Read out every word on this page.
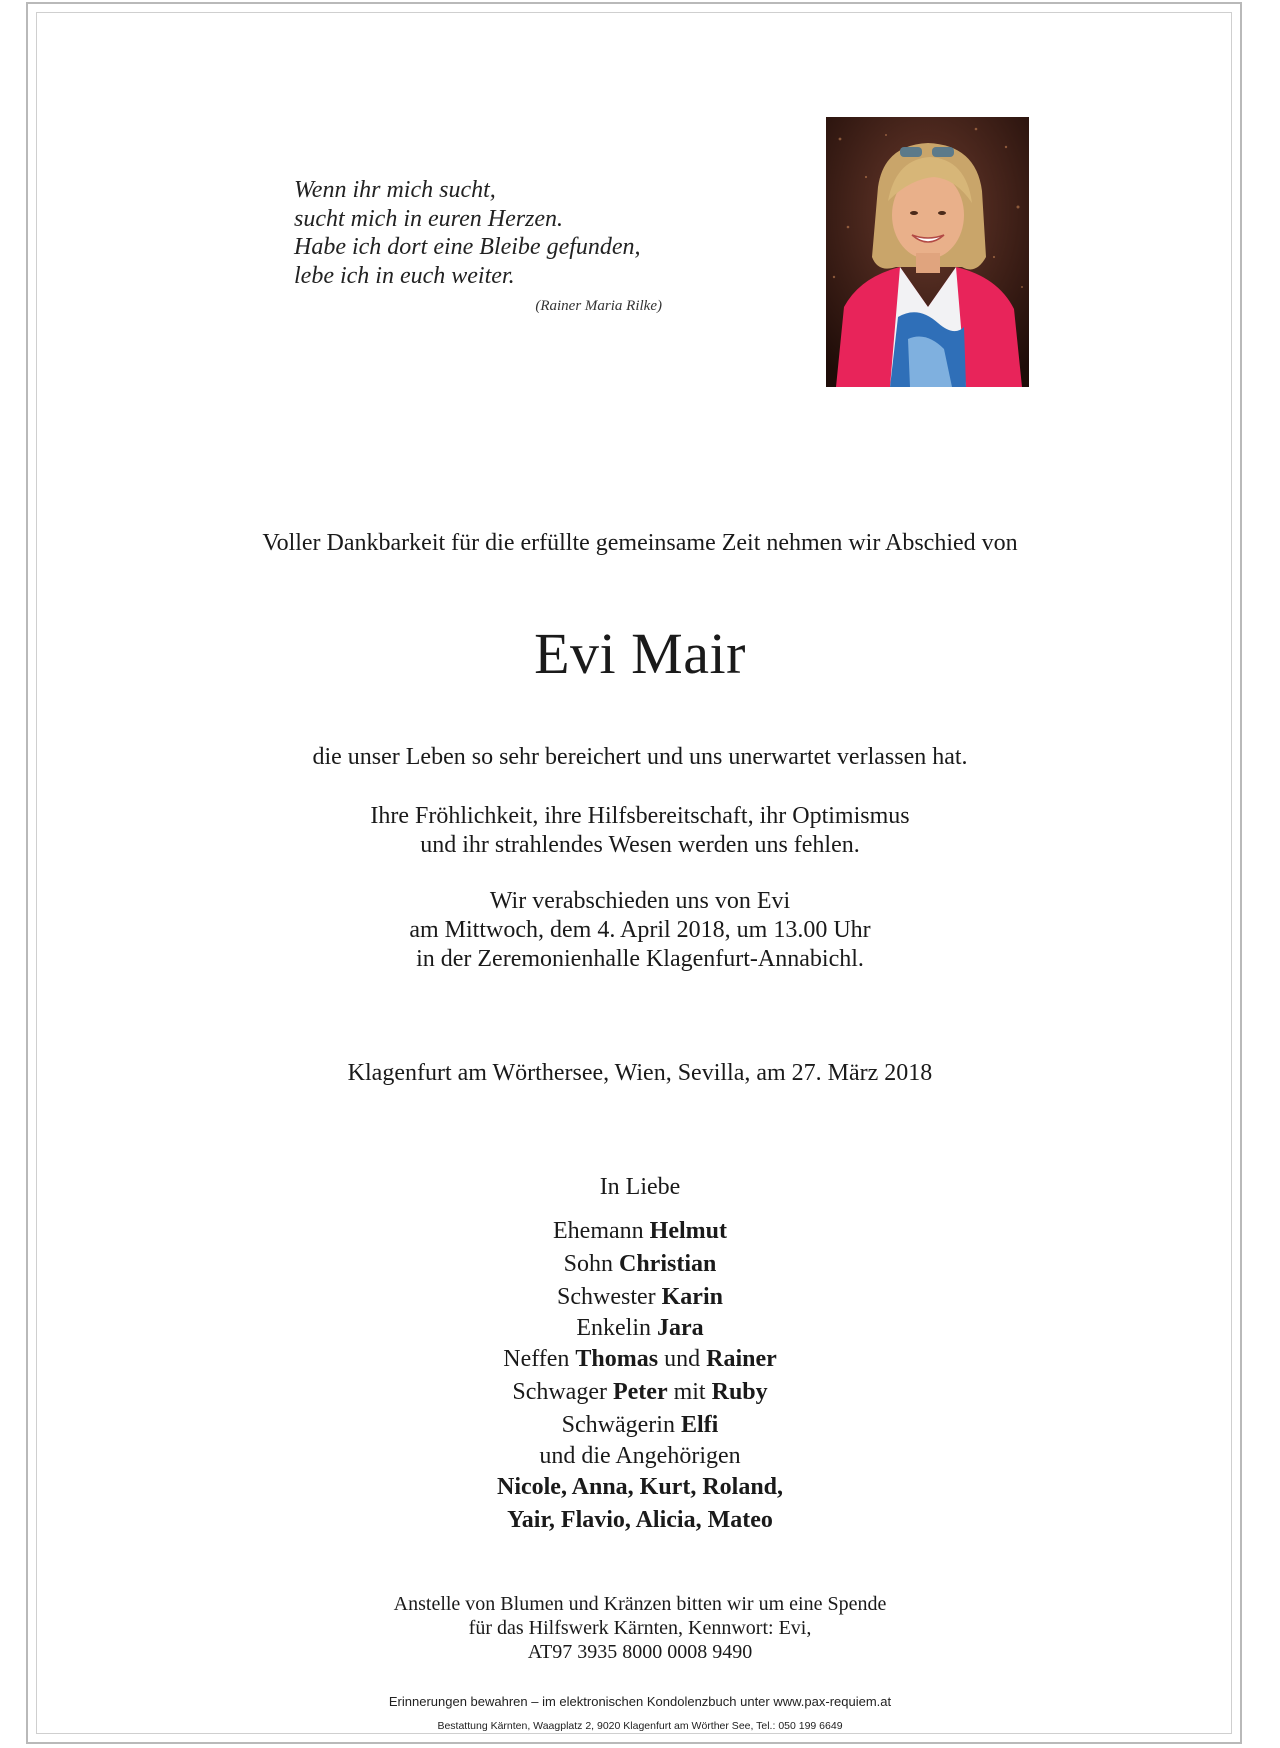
Wenn ihr mich sucht,
sucht mich in euren Herzen.
Habe ich dort eine Bleibe gefunden,
lebe ich in euch weiter.
(Rainer Maria Rilke)
Voller Dankbarkeit für die erfüllte gemeinsame Zeit nehmen wir Abschied von
Evi Mair
die unser Leben so sehr bereichert und uns unerwartet verlassen hat.
Ihre Fröhlichkeit, ihre Hilfsbereitschaft, ihr Optimismus
und ihr strahlendes Wesen werden uns fehlen.
Wir verabschieden uns von Evi
am Mittwoch, dem 4. April 2018, um 13.00 Uhr
in der Zeremonienhalle Klagenfurt-Annabichl.
Klagenfurt am Wörthersee, Wien, Sevilla, am 27. März 2018
In Liebe
Ehemann Helmut
Sohn Christian
Schwester Karin
Enkelin Jara
Neffen Thomas und Rainer
Schwager Peter mit Ruby
Schwägerin Elfi
und die Angehörigen
Nicole, Anna, Kurt, Roland,
Yair, Flavio, Alicia, Mateo
Anstelle von Blumen und Kränzen bitten wir um eine Spende
für das Hilfswerk Kärnten, Kennwort: Evi,
AT97 3935 8000 0008 9490
Erinnerungen bewahren – im elektronischen Kondolenzbuch unter www.pax-requiem.at
Bestattung Kärnten, Waagplatz 2, 9020 Klagenfurt am Wörther See, Tel.: 050 199 6649
